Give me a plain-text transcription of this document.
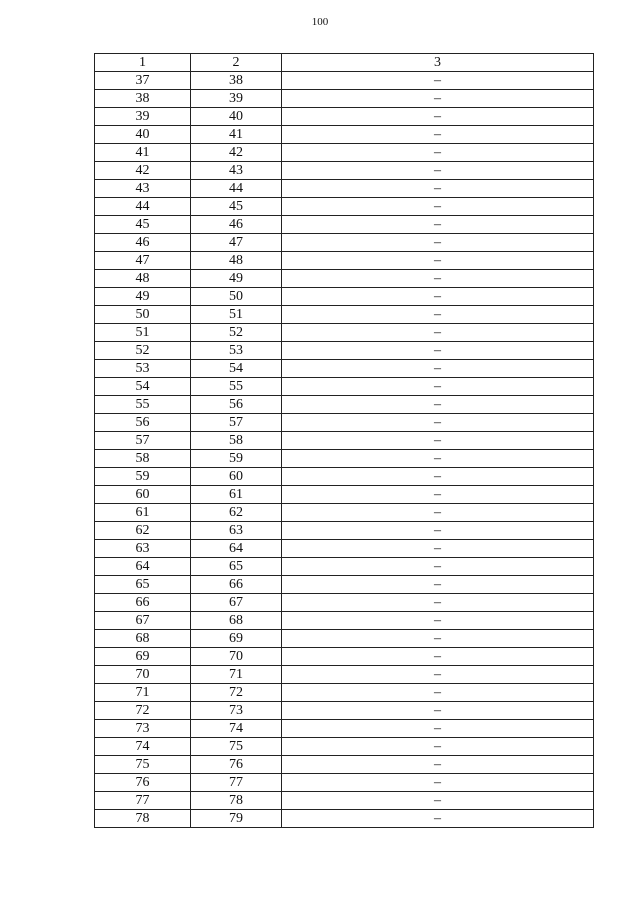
100
1	2	3
37	38	–
38	39	–
39	40	–
40	41	–
41	42	–
42	43	–
43	44	–
44	45	–
45	46	–
46	47	–
47	48	–
48	49	–
49	50	–
50	51	–
51	52	–
52	53	–
53	54	–
54	55	–
55	56	–
56	57	–
57	58	–
58	59	–
59	60	–
60	61	–
61	62	–
62	63	–
63	64	–
64	65	–
65	66	–
66	67	–
67	68	–
68	69	–
69	70	–
70	71	–
71	72	–
72	73	–
73	74	–
74	75	–
75	76	–
76	77	–
77	78	–
78	79	–
